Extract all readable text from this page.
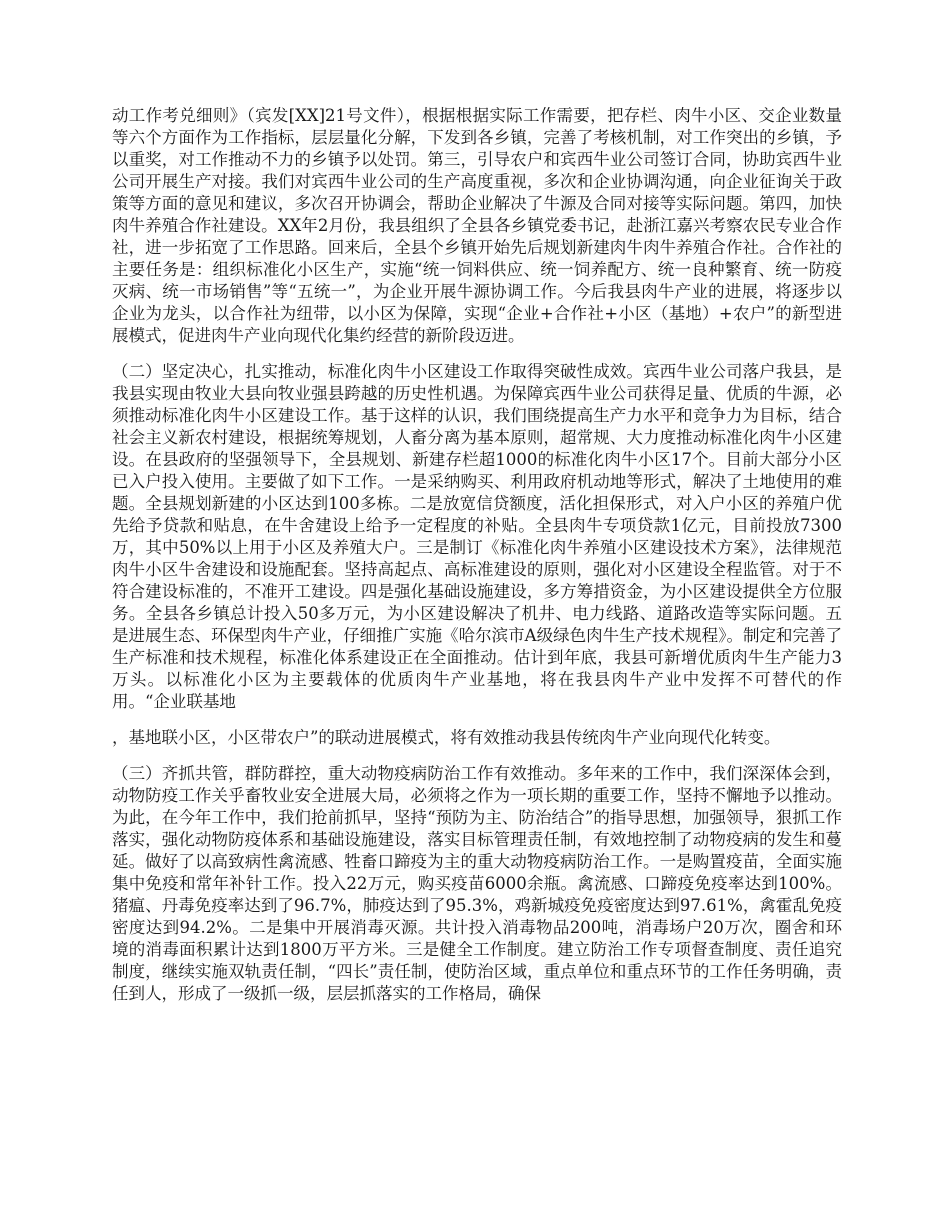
动工作考兑细则》（宾发[XX]21号文件），根据根据实际工作需要，把存栏、肉牛小区、交企业数量等六个方面作为工作指标，层层量化分解，下发到各乡镇，完善了考核机制，对工作突出的乡镇，予以重奖，对工作推动不力的乡镇予以处罚。第三，引导农户和宾西牛业公司签订合同，协助宾西牛业公司开展生产对接。我们对宾西牛业公司的生产高度重视，多次和企业协调沟通，向企业征询关于政策等方面的意见和建议，多次召开协调会，帮助企业解决了牛源及合同对接等实际问题。第四，加快肉牛养殖合作社建设。XX年2月份，我县组织了全县各乡镇党委书记，赴浙江嘉兴考察农民专业合作社，进一步拓宽了工作思路。回来后，全县个乡镇开始先后规划新建肉牛肉牛养殖合作社。合作社的主要任务是：组织标准化小区生产，实施“统一饲料供应、统一饲养配方、统一良种繁育、统一防疫灭病、统一市场销售”等“五统一”，为企业开展牛源协调工作。今后我县肉牛产业的进展，将逐步以企业为龙头，以合作社为纽带，以小区为保障，实现“企业+合作社+小区（基地）+农户”的新型进展模式，促进肉牛产业向现代化集约经营的新阶段迈进。

（二）坚定决心，扎实推动，标准化肉牛小区建设工作取得突破性成效。宾西牛业公司落户我县，是我县实现由牧业大县向牧业强县跨越的历史性机遇。为保障宾西牛业公司获得足量、优质的牛源，必须推动标准化肉牛小区建设工作。基于这样的认识，我们围绕提高生产力水平和竞争力为目标，结合社会主义新农村建设，根据统筹规划，人畜分离为基本原则，超常规、大力度推动标准化肉牛小区建设。在县政府的坚强领导下，全县规划、新建存栏超1000的标准化肉牛小区17个。目前大部分小区已入户投入使用。主要做了如下工作。一是采纳购买、利用政府机动地等形式，解决了土地使用的难题。全县规划新建的小区达到100多栋。二是放宽信贷额度，活化担保形式，对入户小区的养殖户优先给予贷款和贴息，在牛舍建设上给予一定程度的补贴。全县肉牛专项贷款1亿元，目前投放7300万，其中50%以上用于小区及养殖大户。三是制订《标准化肉牛养殖小区建设技术方案》，法律规范肉牛小区牛舍建设和设施配套。坚持高起点、高标准建设的原则，强化对小区建设全程监管。对于不符合建设标准的，不准开工建设。四是强化基础设施建设，多方筹措资金，为小区建设提供全方位服务。全县各乡镇总计投入50多万元，为小区建设解决了机井、电力线路、道路改造等实际问题。五是进展生态、环保型肉牛产业，仔细推广实施《哈尔滨市A级绿色肉牛生产技术规程》。制定和完善了生产标准和技术规程，标准化体系建设正在全面推动。估计到年底，我县可新增优质肉牛生产能力3万头。以标准化小区为主要载体的优质肉牛产业基地，将在我县肉牛产业中发挥不可替代的作用。“企业联基地

，基地联小区，小区带农户”的联动进展模式，将有效推动我县传统肉牛产业向现代化转变。

（三）齐抓共管，群防群控，重大动物疫病防治工作有效推动。多年来的工作中，我们深深体会到，动物防疫工作关乎畜牧业安全进展大局，必须将之作为一项长期的重要工作，坚持不懈地予以推动。为此，在今年工作中，我们抢前抓早，坚持“预防为主、防治结合”的指导思想，加强领导，狠抓工作落实，强化动物防疫体系和基础设施建设，落实目标管理责任制，有效地控制了动物疫病的发生和蔓延。做好了以高致病性禽流感、牲畜口蹄疫为主的重大动物疫病防治工作。一是购置疫苗，全面实施集中免疫和常年补针工作。投入22万元，购买疫苗6000余瓶。禽流感、口蹄疫免疫率达到100%。猪瘟、丹毒免疫率达到了96.7%，肺疫达到了95.3%，鸡新城疫免疫密度达到97.61%，禽霍乱免疫密度达到94.2%。二是集中开展消毒灭源。共计投入消毒物品200吨，消毒场户20万次，圈舍和环境的消毒面积累计达到1800万平方米。三是健全工作制度。建立防治工作专项督查制度、责任追究制度，继续实施双轨责任制，“四长”责任制，使防治区域，重点单位和重点环节的工作任务明确，责任到人，形成了一级抓一级，层层抓落实的工作格局，确保
